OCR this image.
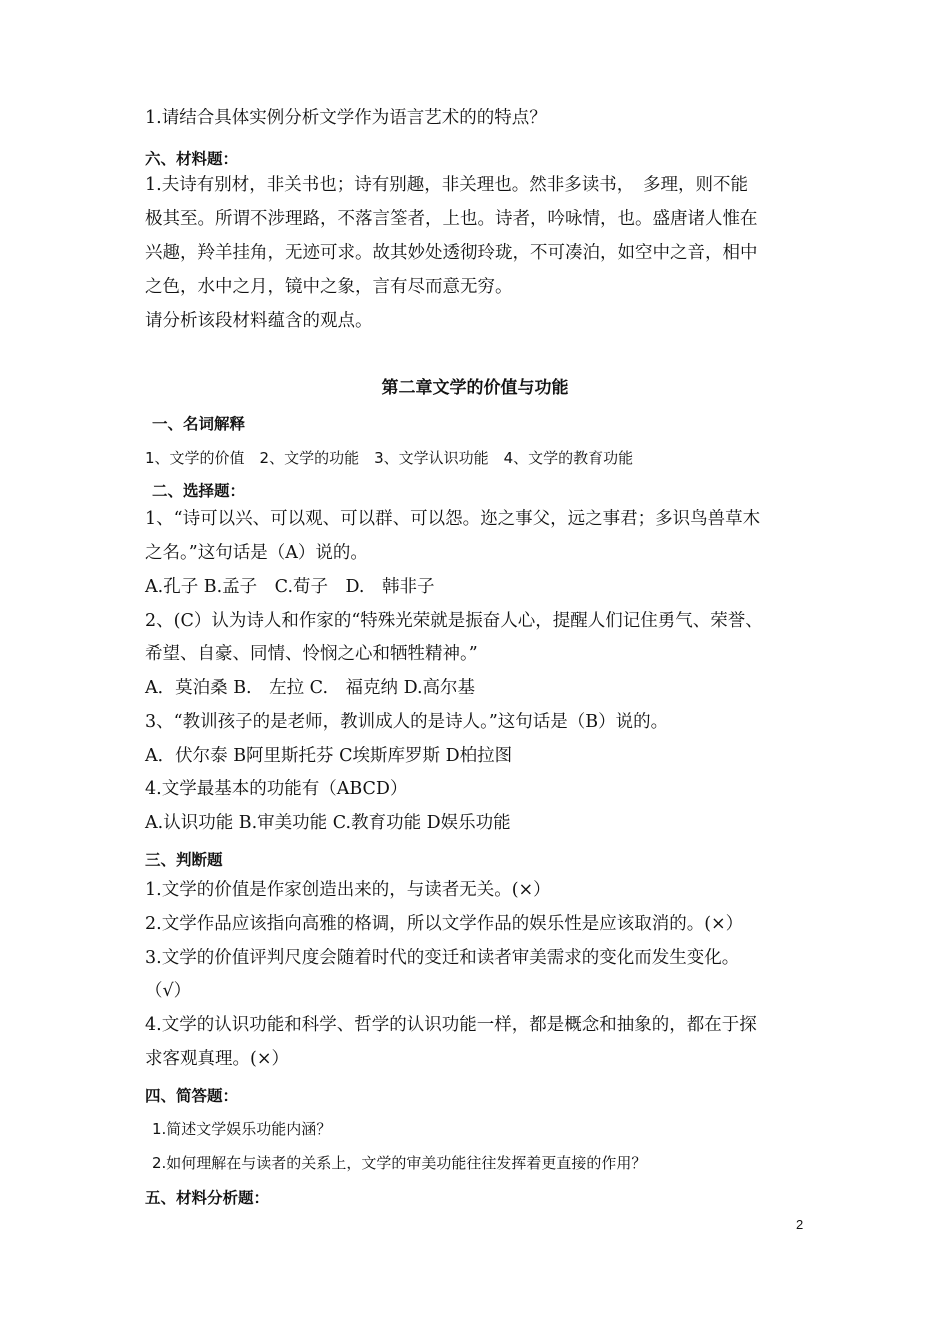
1.请结合具体实例分析文学作为语言艺术的的特点？
六、材料题：
1.夫诗有别材，非关书也；诗有别趣，非关理也。然非多读书，　多理，则不能
极其至。所谓不涉理路，不落言筌者，上也。诗者，吟咏情，也。盛唐诸人惟在
兴趣，羚羊挂角，无迹可求。故其妙处透彻玲珑，不可凑泊，如空中之音，相中
之色，水中之月，镜中之象，言有尽而意无穷。
请分析该段材料蕴含的观点。
第二章文学的价值与功能
一、名词解释
1、文学的价值　2、文学的功能　3、文学认识功能　4、文学的教育功能
二、选择题：
1、“诗可以兴、可以观、可以群、可以怨。迩之事父，远之事君；多识鸟兽草木
之名。”这句话是（A）说的。
A.孔子 B.孟子　C.荀子　D.　韩非子
2、(C）认为诗人和作家的“特殊光荣就是振奋人心，提醒人们记住勇气、荣誉、
希望、自豪、同情、怜悯之心和牺牲精神。”
A．莫泊桑 B.　左拉 C.　福克纳 D.高尔基
3、“教训孩子的是老师，教训成人的是诗人。”这句话是（B）说的。
A．伏尔泰 B阿里斯托芬 C埃斯库罗斯 D柏拉图
4.文学最基本的功能有（ABCD）
A.认识功能 B.审美功能 C.教育功能 D娱乐功能
三、判断题
1.文学的价值是作家创造出来的，与读者无关。(×）
2.文学作品应该指向高雅的格调，所以文学作品的娱乐性是应该取消的。(×）
3.文学的价值评判尺度会随着时代的变迁和读者审美需求的变化而发生变化。
（√）
4.文学的认识功能和科学、哲学的认识功能一样，都是概念和抽象的，都在于探
求客观真理。(×）
四、简答题：
1.简述文学娱乐功能内涵？
2.如何理解在与读者的关系上，文学的审美功能往往发挥着更直接的作用？
五、材料分析题：
2
